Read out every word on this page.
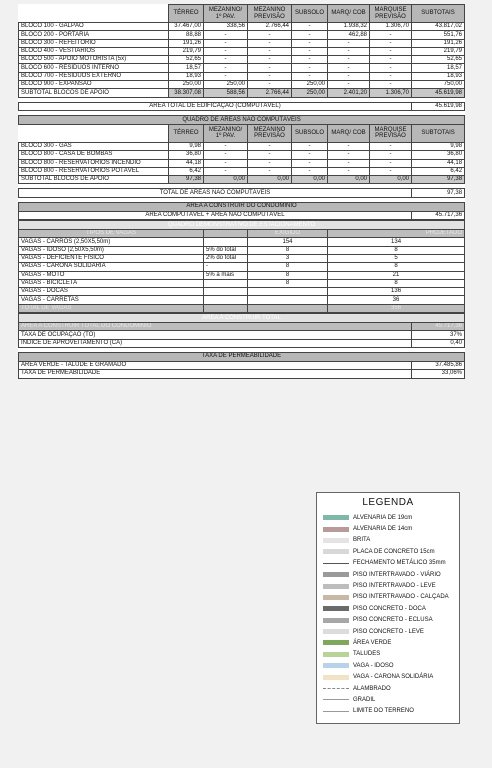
	TÉRREO	MEZANINO/ 1º PAV.	MEZANINO PREVISÃO	SUBSOLO	MARQ/ COB	MARQUISE PREVISÃO	SUBTOTAIS
BLOCO 100 - GALPÃO	37.467,00	338,56	2.766,44	-	1.938,32	1.306,70	43.817,02
BLOCO 200 - PORTARIA	88,88	-	-	-	462,88	-	551,76
BLOCO 300 - REFEITÓRIO	191,26	-	-	-	-	-	191,26
BLOCO 400 - VESTIÁRIOS	219,79	-	-	-	-	-	219,79
BLOCO 500 - APOIO MOTORISTA (5x)	52,65	-	-	-	-	-	52,65
BLOCO 600 - RESÍDUOS INTERNO	18,57	-	-	-	-	-	18,57
BLOCO 700 - RESÍDUOS EXTERNO	18,93	-	-	-	-	-	18,93
BLOCO 900 - EXPANSÃO	250,00	250,00	-	250,00	-	-	750,00
SUBTOTAL BLOCOS DE APOIO	38.307,08	588,56	2.766,44	250,00	2.401,20	1.306,70	45.619,98

ÁREA TOTAL DE EDIFICAÇÃO (COMPUTÁVEL)							45.619,98

QUADRO DE ÁREAS NÃO COMPUTÁVEIS							
	TÉRREO	MEZANINO/ 1º PAV.	MEZANINO PREVISÃO	SUBSOLO	MARQ/ COB	MARQUISE PREVISÃO	SUBTOTAIS
BLOCO 300 - GÁS	9,98	-	-	-	-	-	9,98
BLOCO 800 - CASA DE BOMBAS	36,80	-	-	-	-	-	36,80
BLOCO 800 - RESERVATÓRIOS INCÊNDIO	44,18	-	-	-	-	-	44,18
BLOCO 800 - RESERVATÓRIOS POTÁVEL	6,42	-	-	-	-	-	6,42
SUBTOTAL BLOCOS DE APOIO	97,38	0,00	0,00	0,00	0,00	0,00	97,38

TOTAL DE ÁREAS NÃO COMPUTÁVEIS							97,38

ÁREA A CONSTRUIR DO CONDOMÍNIO							
ÁREA COMPUTÁVEL + ÁREA NÃO COMPUTÁVEL							45.717,36
QUADRO DEMONSTRATIVO DE ESTACIONAMENTO			
TIPOS DE VAGAS		EXIGIDO	PROJETADO
VAGAS - CARROS (2,50X5,50m)		154	134
VAGAS - IDOSO (2,50X5,50m)	5% do total	8	8
VAGAS - DEFICIENTE FÍSICO	2% do total	3	5
VAGAS - CARONA SOLIDÁRIA	-	8	8
VAGAS - MOTO	5% a mais	8	21
VAGAS - BICICLETA		8	8
VAGAS - DOCAS			136
VAGAS - CARRETAS			36
TOTAL DE VAGAS			356
ÁREA A CONSTRUIR TOTAL	
ÁREA A CONSTRUIR TOTAL DO CONDOMÍNIO	45.717,36
TAXA DE OCUPAÇÃO (TO)	37%
ÍNDICE DE APROVEITAMENTO (CA)	0,40

TAXA DE PERMEABILIDADE	
ÁREA VERDE - TALUDE E GRAMADO	37.485,86
TAXA DE PERMEABILIDADE	33,06%
LEGENDA
ALVENARIA DE 19cm
ALVENARIA DE 14cm
BRITA
PLACA DE CONCRETO 15cm
FECHAMENTO METÁLICO 35mm
PISO INTERTRAVADO - VIÁRIO
PISO INTERTRAVADO - LEVE
PISO INTERTRAVADO - CALÇADA
PISO CONCRETO - DOCA
PISO CONCRETO - ECLUSA
PISO CONCRETO - LEVE
ÁREA VERDE
TALUDES
VAGA - IDOSO
VAGA - CARONA SOLIDÁRIA
ALAMBRADO
GRADIL
LIMITE DO TERRENO
